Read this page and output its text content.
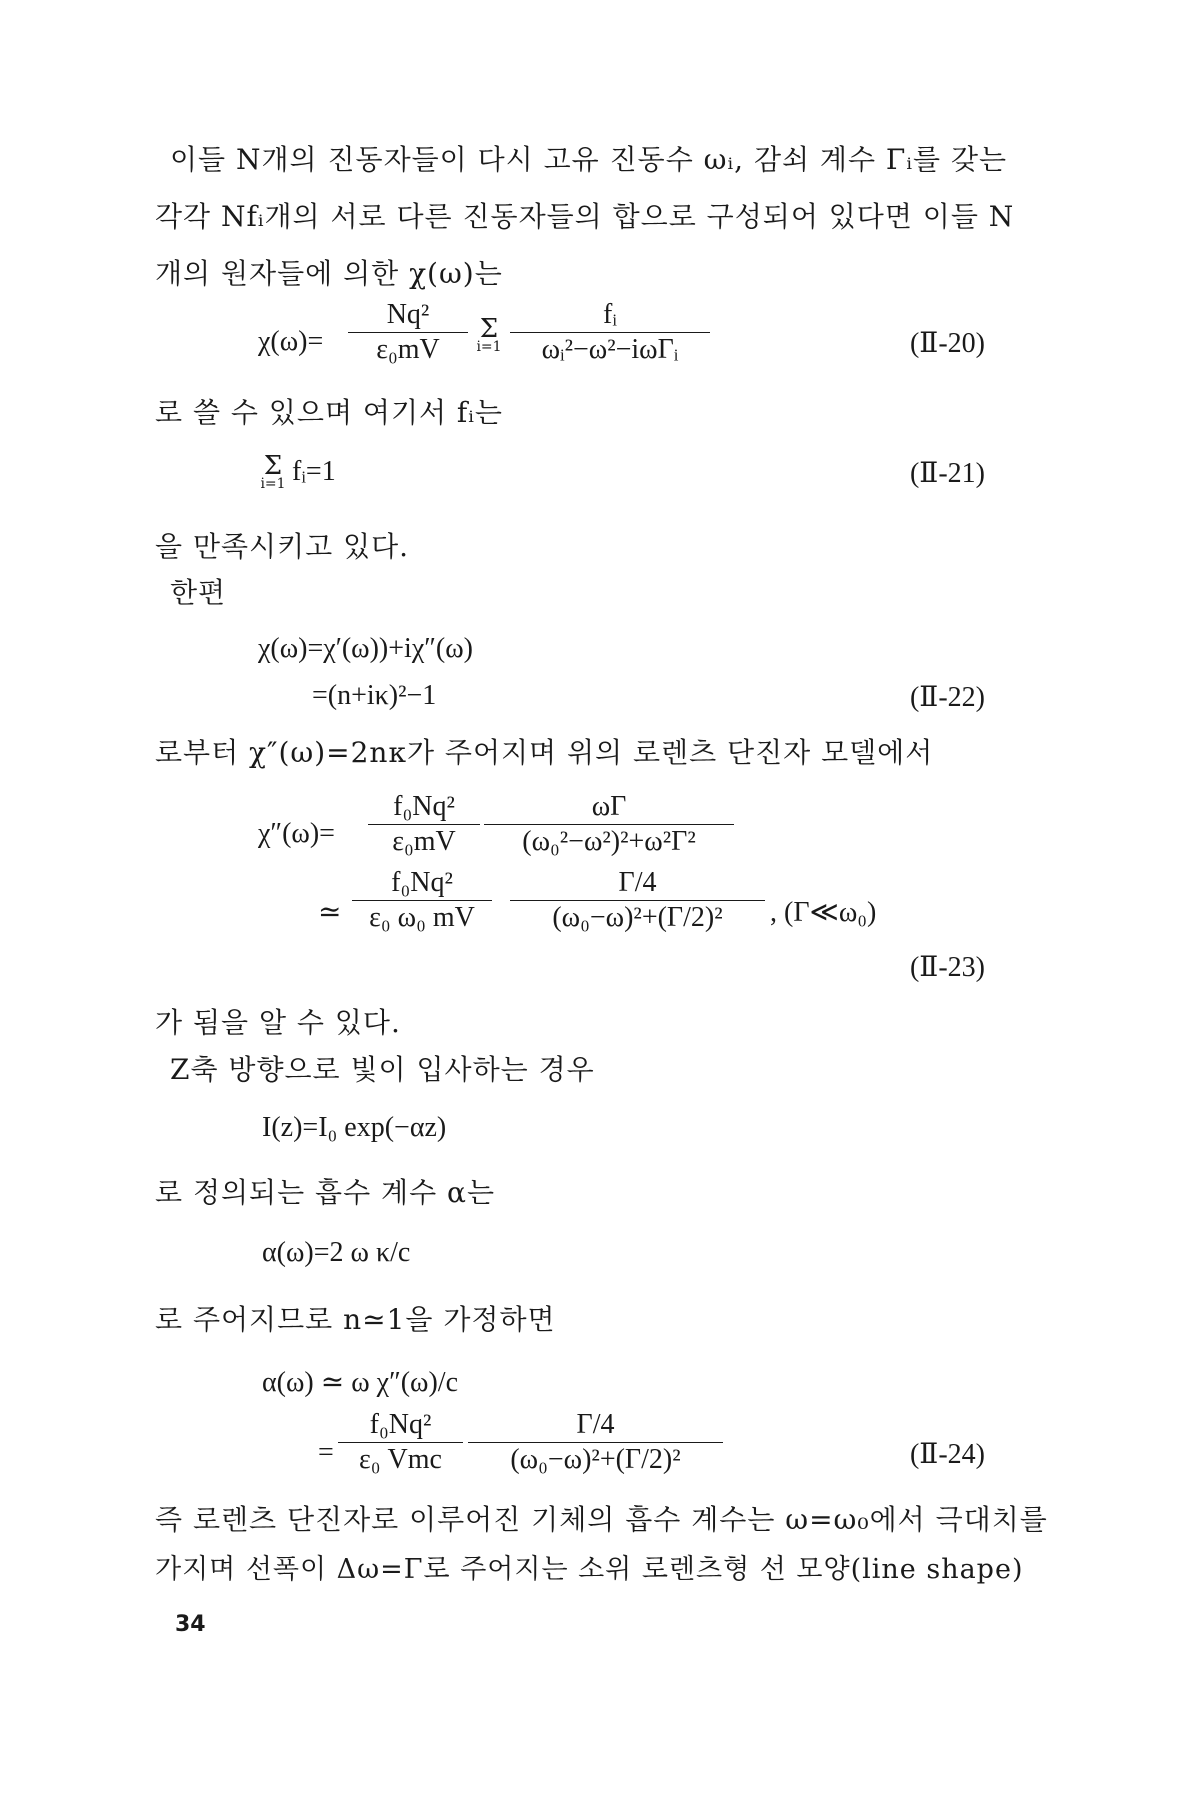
이들 N개의 진동자들이 다시 고유 진동수 ωᵢ, 감쇠 계수 Γᵢ를 갖는
각각 Nfᵢ개의 서로 다른 진동자들의 합으로 구성되어 있다면 이들 N
개의 원자들에 의한 χ(ω)는
χ(ω)=
Nq²
ε₀mV
Σ
i=1
fᵢ
ωᵢ²−ω²−iωΓᵢ	(Ⅱ-20)
로 쓸 수 있으며 여기서 fᵢ는
Σ
i=1 fᵢ=1	(Ⅱ-21)
을 만족시키고 있다.
한편
χ(ω)=χ′(ω))+iχ″(ω)
=(n+iκ)²−1	(Ⅱ-22)
로부터 χ″(ω)=2nκ가 주어지며 위의 로렌츠 단진자 모델에서
χ″(ω)=
f₀Nq²
ε₀mV
ωΓ
(ω₀²−ω²)²+ω²Γ²
≃
f₀Nq²
ε₀ ω₀ mV
Γ/4
(ω₀−ω)²+(Γ/2)²	, (Γ≪ω₀)
(Ⅱ-23)
가 됨을 알 수 있다.
Z축 방향으로 빛이 입사하는 경우
I(z)=I₀ exp(−αz)
로 정의되는 흡수 계수 α는
α(ω)=2 ω κ/c
로 주어지므로 n≃1을 가정하면
α(ω) ≃ ω χ″(ω)/c
=
f₀Nq²
ε₀ Vmc
Γ/4
(ω₀−ω)²+(Γ/2)²	(Ⅱ-24)
즉 로렌츠 단진자로 이루어진 기체의 흡수 계수는 ω=ω₀에서 극대치를
가지며 선폭이 Δω=Γ로 주어지는 소위 로렌츠형 선 모양(line shape)
34
